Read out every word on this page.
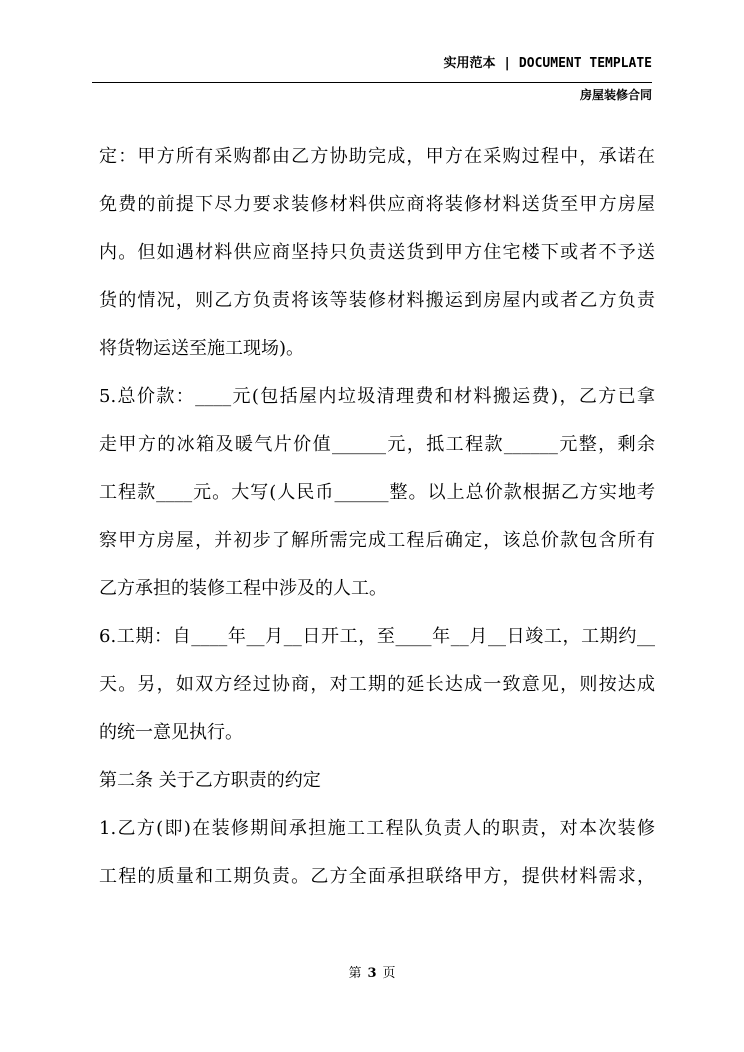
实用范本 | DOCUMENT TEMPLATE
房屋装修合同
定：甲方所有采购都由乙方协助完成，甲方在采购过程中，承诺在
免费的前提下尽力要求装修材料供应商将装修材料送货至甲方房屋
内。但如遇材料供应商坚持只负责送货到甲方住宅楼下或者不予送
货的情况，则乙方负责将该等装修材料搬运到房屋内或者乙方负责
将货物运送至施工现场)。
5.总价款：____元(包括屋内垃圾清理费和材料搬运费)，乙方已拿
走甲方的冰箱及暖气片价值______元，抵工程款______元整，剩余
工程款____元。大写(人民币______整。以上总价款根据乙方实地考
察甲方房屋，并初步了解所需完成工程后确定，该总价款包含所有
乙方承担的装修工程中涉及的人工。
6.工期：自____年__月__日开工，至____年__月__日竣工，工期约__
天。另，如双方经过协商，对工期的延长达成一致意见，则按达成
的统一意见执行。
第二条 关于乙方职责的约定
1.乙方(即)在装修期间承担施工工程队负责人的职责，对本次装修
工程的质量和工期负责。乙方全面承担联络甲方，提供材料需求，
第 3 页
